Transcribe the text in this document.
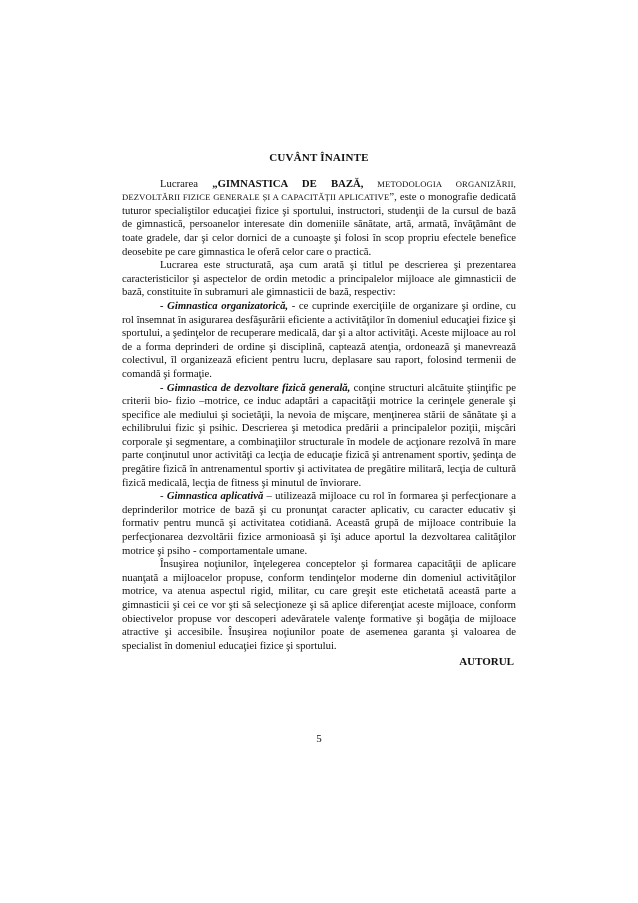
CUVÂNT ÎNAINTE

Lucrarea „GIMNASTICA DE BAZĂ, METODOLOGIA ORGANIZĂRII, DEZVOLTĂRII FIZICE GENERALE ȘI A CAPACITĂȚII APLICATIVE”, este o monografie dedicată tuturor specialiştilor educaţiei fizice şi sportului, instructori, studenţii de la cursul de bază de gimnastică, persoanelor interesate din domeniile sănătate, artă, armată, învăţământ de toate gradele, dar şi celor dornici de a cunoaşte şi folosi în scop propriu efectele benefice deosebite pe care gimnastica le oferă celor care o practică.

Lucrarea este structurată, aşa cum arată şi titlul pe descrierea şi prezentarea caracteristicilor şi aspectelor de ordin metodic a principalelor mijloace ale gimnasticii de bază, constituite în subramuri ale gimnasticii de bază, respectiv:

- Gimnastica organizatorică, - ce cuprinde exerciţiile de organizare şi ordine, cu rol însemnat în asigurarea desfăşurării eficiente a activităţilor în domeniul educaţiei fizice şi sportului, a şedinţelor de recuperare medicală, dar şi a altor activităţi. Aceste mijloace au rol de a forma deprinderi de ordine şi disciplină, captează atenţia, ordonează şi manevrează colectivul, îl organizează eficient pentru lucru, deplasare sau raport, folosind termenii de comandă şi formaţie.

- Gimnastica de dezvoltare fizică generală, conţine structuri alcătuite ştiinţific pe criterii bio- fizio –motrice, ce induc adaptări a capacităţii motrice la cerinţele generale şi specifice ale mediului şi societăţii, la nevoia de mişcare, menţinerea stării de sănătate şi a echilibrului fizic şi psihic. Descrierea şi metodica predării a principalelor poziţii, mişcări corporale şi segmentare, a combinaţiilor structurale în modele de acţionare rezolvă în mare parte conţinutul unor activităţi ca lecţia de educaţie fizică şi antrenament sportiv, şedinţa de pregătire fizică în antrenamentul sportiv şi activitatea de pregătire militară, lecţia de cultură fizică medicală, lecţia de fitness şi minutul de înviorare.

- Gimnastica aplicativă – utilizează mijloace cu rol în formarea şi perfecţionare a deprinderilor motrice de bază şi cu pronunţat caracter aplicativ, cu caracter educativ şi formativ pentru muncă şi activitatea cotidiană. Această grupă de mijloace contribuie la perfecţionarea dezvoltării fizice armonioasă şi îşi aduce aportul la dezvoltarea calităţilor motrice şi psiho - comportamentale umane.

Însuşirea noţiunilor, înţelegerea conceptelor şi formarea capacităţii de aplicare nuanţată a mijloacelor propuse, conform tendinţelor moderne din domeniul activităţilor motrice, va atenua aspectul rigid, militar, cu care greşit este etichetată această parte a gimnasticii şi cei ce vor şti să selecţioneze şi să aplice diferenţiat aceste mijloace, conform obiectivelor propuse vor descoperi adevăratele valenţe formative şi bogăţia de mijloace atractive şi accesibile. Însuşirea noţiunilor poate de asemenea garanta şi valoarea de specialist în domeniul educaţiei fizice şi sportului.

AUTORUL

5
